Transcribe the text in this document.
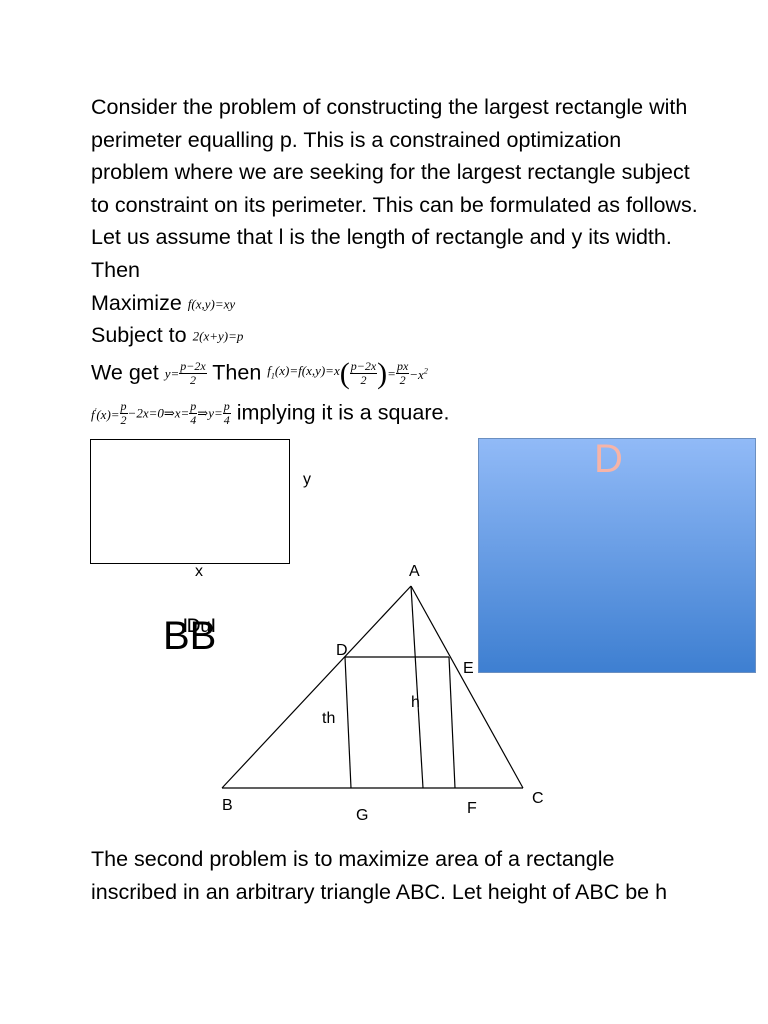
Consider the problem of constructing the largest rectangle with
perimeter equalling p. This is a constrained optimization
problem where we are seeking for the largest rectangle subject
to constraint on its perimeter. This can be formulated as follows.
Let us assume that l is the length of rectangle and y its width.
Then
Maximize f(x,y)=xy
Subject to 2(x+y)=p
We get $y= \frac{p-2x}{2}$ Then $f_1(x)=f(x,y)=x( \frac{p-2x}{2}$ )= $\frac{px}{2} -x^2$
$f'(x)= \frac{p}{2}$ −2x=0⇒x= $\frac{p}{4}$ ⇒y= $\frac{p}{4}$ implying it is a square.
y
x
D
BB
A
D
E
h
th
B	C
F
G
The second problem is to maximize area of a rectangle
inscribed in an arbitrary triangle ABC. Let height of ABC be h
